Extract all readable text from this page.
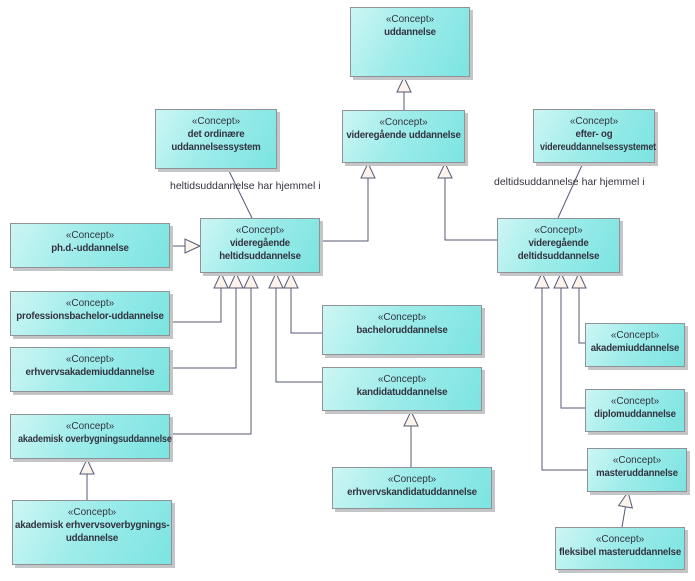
«Concept»
uddannelse
«Concept»
det ordinære
uddannelsessystem
«Concept»
videregående uddannelse
«Concept»
efter- og
videreuddannelsessystemet
«Concept»
videregående
heltidsuddannelse
«Concept»
videregående
deltidsuddannelse
«Concept»
ph.d.-uddannelse
«Concept»
professionsbachelor-uddannelse
«Concept»
erhvervsakademiuddannelse
«Concept»
akademisk overbygningsuddannelse
«Concept»
akademisk erhvervsoverbygnings-
uddannelse
«Concept»
bacheloruddannelse
«Concept»
kandidatuddannelse
«Concept»
erhvervskandidatuddannelse
«Concept»
akademiuddannelse
«Concept»
diplomuddannelse
«Concept»
masteruddannelse
«Concept»
fleksibel masteruddannelse
heltidsuddannelse har hjemmel i	deltidsuddannelse har hjemmel i
